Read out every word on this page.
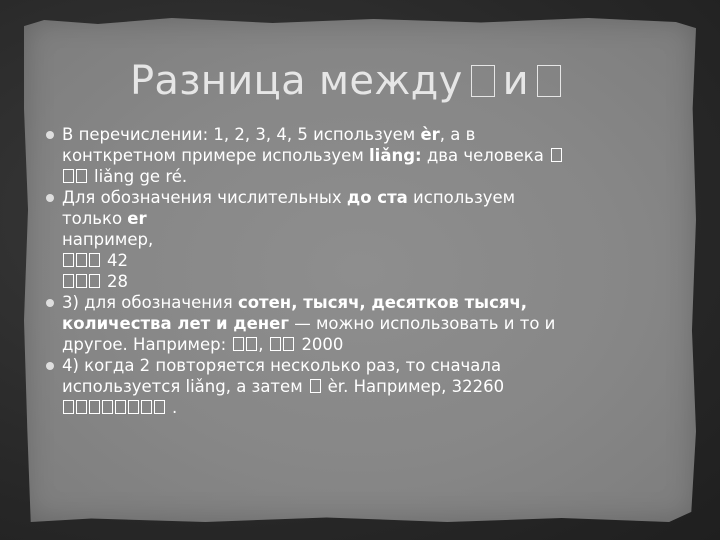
Разница между и
В перечислении: 1, 2, 3, 4, 5 используем èr, а в
конткретном примере используем liǎng: два человека
liǎng ge ré.
Для обозначения числительных до ста используем
только er
например,
42
28
3) для обозначения сотен, тысяч, десятков тысяч,
количества лет и денег — можно использовать и то и
другое. Например: , 2000
4) когда 2 повторяется несколько раз, то сначала
используется liǎng, а затем èr. Например, 32260
.
